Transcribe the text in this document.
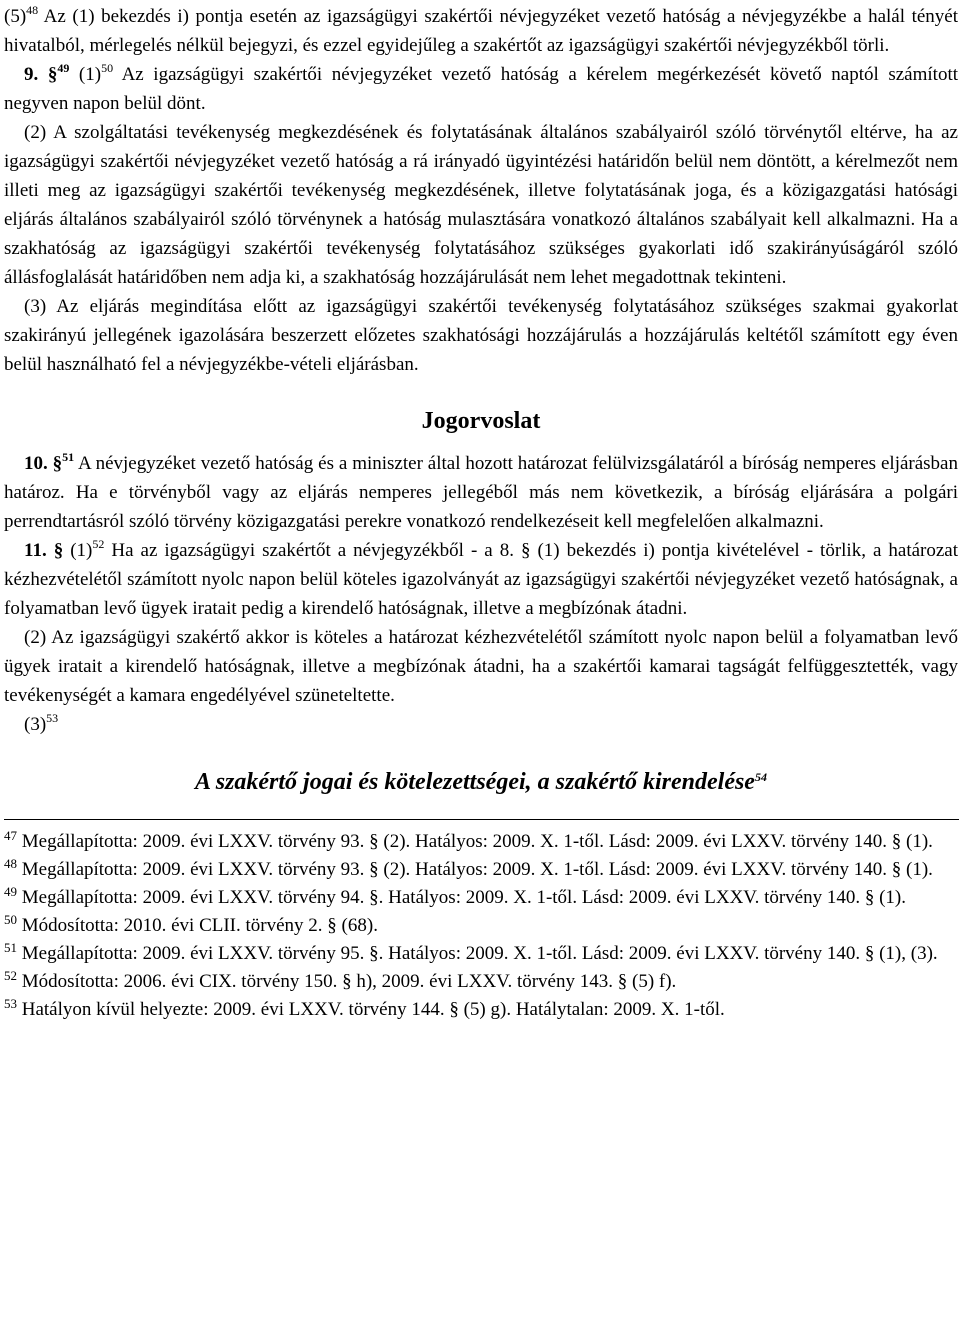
$(5)^{48}$ Az (1) bekezdés i) pontja esetén az igazságügyi szakértői névjegyzéket vezető hatóság a névjegyzékbe a halál tényét hivatalból, mérlegelés nélkül bejegyzi, és ezzel egyidejűleg a szakértőt az igazságügyi szakértői névjegyzékből törli.

9. §$^{49}$ $(1)^{50}$ Az igazságügyi szakértői névjegyzéket vezető hatóság a kérelem megérkezését követő naptól számított negyven napon belül dönt.

(2) A szolgáltatási tevékenység megkezdésének és folytatásának általános szabályairól szóló törvénytől eltérve, ha az igazságügyi szakértői névjegyzéket vezető hatóság a rá irányadó ügyintézési határidőn belül nem döntött, a kérelmezőt nem illeti meg az igazságügyi szakértői tevékenység megkezdésének, illetve folytatásának joga, és a közigazgatási hatósági eljárás általános szabályairól szóló törvénynek a hatóság mulasztására vonatkozó általános szabályait kell alkalmazni. Ha a szakhatóság az igazságügyi szakértői tevékenység folytatásához szükséges gyakorlati idő szakirányúságáról szóló állásfoglalását határidőben nem adja ki, a szakhatóság hozzájárulását nem lehet megadottnak tekinteni.

(3) Az eljárás megindítása előtt az igazságügyi szakértői tevékenység folytatásához szükséges szakmai gyakorlat szakirányú jellegének igazolására beszerzett előzetes szakhatósági hozzájárulás a hozzájárulás keltétől számított egy éven belül használható fel a névjegyzékbe-vételi eljárásban.

Jogorvoslat

10. §$^{51}$ A névjegyzéket vezető hatóság és a miniszter által hozott határozat felülvizsgálatáról a bíróság nemperes eljárásban határoz. Ha e törvényből vagy az eljárás nemperes jellegéből más nem következik, a bíróság eljárására a polgári perrendtartásról szóló törvény közigazgatási perekre vonatkozó rendelkezéseit kell megfelelően alkalmazni.

11. § $(1)^{52}$ Ha az igazságügyi szakértőt a névjegyzékből - a 8. § (1) bekezdés i) pontja kivételével - törlik, a határozat kézhezvételétől számított nyolc napon belül köteles igazolványát az igazságügyi szakértői névjegyzéket vezető hatóságnak, a folyamatban levő ügyek iratait pedig a kirendelő hatóságnak, illetve a megbízónak átadni.

(2) Az igazságügyi szakértő akkor is köteles a határozat kézhezvételétől számított nyolc napon belül a folyamatban levő ügyek iratait a kirendelő hatóságnak, illetve a megbízónak átadni, ha a szakértői kamarai tagságát felfüggesztették, vagy tevékenységét a kamara engedélyével szüneteltette.

$(3)^{53}$

A szakértő jogai és kötelezettségei, a szakértő kirendelése$^{54}$

$^{47}$ Megállapította: 2009. évi LXXV. törvény 93. § (2). Hatályos: 2009. X. 1-től. Lásd: 2009. évi LXXV. törvény 140. § (1).

$^{48}$ Megállapította: 2009. évi LXXV. törvény 93. § (2). Hatályos: 2009. X. 1-től. Lásd: 2009. évi LXXV. törvény 140. § (1).

$^{49}$ Megállapította: 2009. évi LXXV. törvény 94. §. Hatályos: 2009. X. 1-től. Lásd: 2009. évi LXXV. törvény 140. § (1).

$^{50}$ Módosította: 2010. évi CLII. törvény 2. § (68).

$^{51}$ Megállapította: 2009. évi LXXV. törvény 95. §. Hatályos: 2009. X. 1-től. Lásd: 2009. évi LXXV. törvény 140. § (1), (3).

$^{52}$ Módosította: 2006. évi CIX. törvény 150. § h), 2009. évi LXXV. törvény 143. § (5) f).

$^{53}$ Hatályon kívül helyezte: 2009. évi LXXV. törvény 144. § (5) g). Hatálytalan: 2009. X. 1-től.
